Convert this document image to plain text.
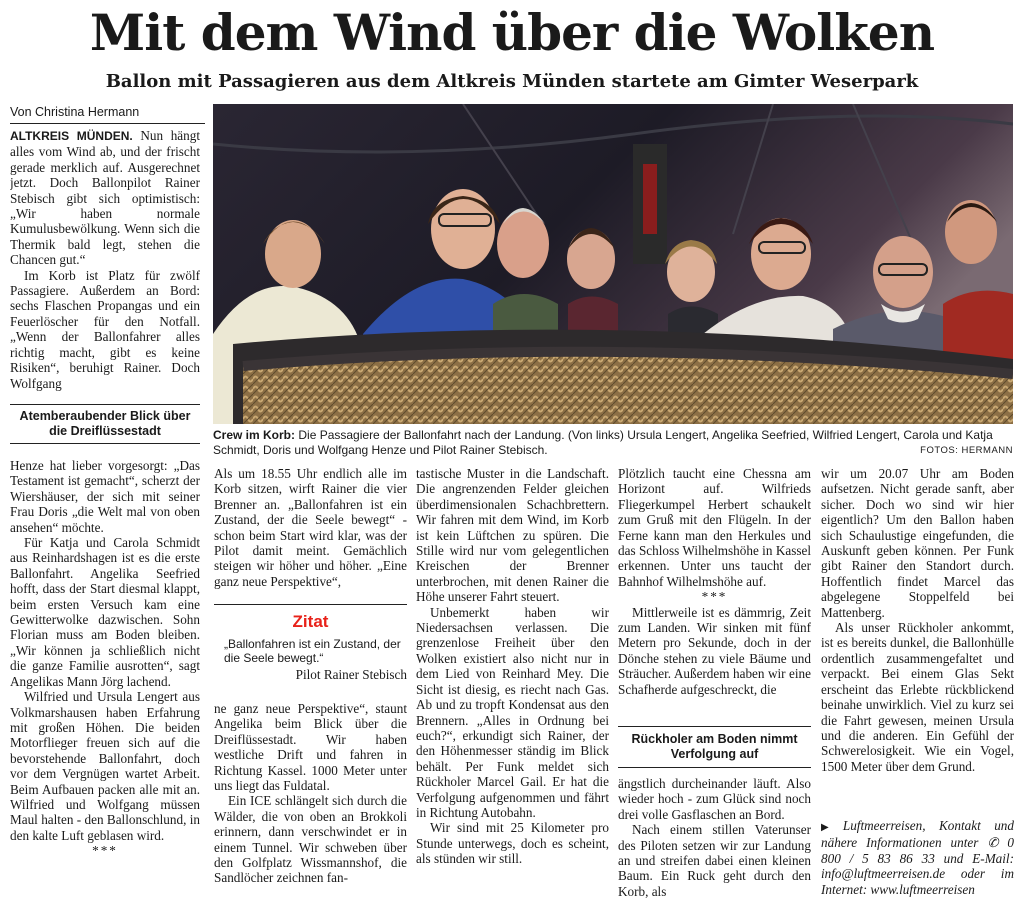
Mit dem Wind über die Wolken
Ballon mit Passagieren aus dem Altkreis Münden startete am Gimter Weserpark
Von Christina Hermann

ALTKREIS MÜNDEN. Nun hängt alles vom Wind ab, und der frischt gerade merklich auf. Ausgerechnet jetzt. Doch Ballonpilot Rainer Stebisch gibt sich optimistisch: „Wir haben normale Kumulusbewölkung. Wenn sich die Thermik bald legt, stehen die Chancen gut.“

Im Korb ist Platz für zwölf Passagiere. Außerdem an Bord: sechs Flaschen Propangas und ein Feuerlöscher für den Notfall. „Wenn der Ballonfahrer alles richtig macht, gibt es keine Risiken“, beruhigt Rainer. Doch Wolfgang

Atemberaubender Blick über die Dreiflüssestadt

Henze hat lieber vorgesorgt: „Das Testament ist gemacht“, scherzt der Wiershäuser, der sich mit seiner Frau Doris „die Welt mal von oben ansehen“ möchte.

Für Katja und Carola Schmidt aus Reinhardshagen ist es die erste Ballonfahrt. Angelika Seefried hofft, dass der Start diesmal klappt, beim ersten Versuch kam eine Gewitterwolke dazwischen. Sohn Florian muss am Boden bleiben. „Wir können ja schließlich nicht die ganze Familie ausrotten“, sagt Angelikas Mann Jörg lachend.

Wilfried und Ursula Lengert aus Volkmarshausen haben Erfahrung mit großen Höhen. Die beiden Motorflieger freuen sich auf die bevorstehende Ballonfahrt, doch vor dem Vergnügen wartet Arbeit. Beim Aufbauen packen alle mit an. Wilfried und Wolfgang müssen Maul halten - den Ballonschlund, in den kalte Luft geblasen wird.

***
Crew im Korb: Die Passagiere der Ballonfahrt nach der Landung. (Von links) Ursula Lengert, Angelika Seefried, Wilfried Lengert, Carola und Katja Schmidt, Doris und Wolfgang Henze und Pilot Rainer Stebisch.	FOTOS: HERMANN

Als um 18.55 Uhr endlich alle im Korb sitzen, wirft Rainer die vier Brenner an. „Ballonfahren ist ein Zustand, der die Seele bewegt“ - schon beim Start wird klar, was der Pilot damit meint. Gemächlich steigen wir höher und höher. „Eine ganz neue Perspektive“,

Zitat
„Ballonfahren ist ein Zustand, der die Seele bewegt.“
Pilot Rainer Stebisch

ne ganz neue Perspektive“, staunt Angelika beim Blick über die Dreiflüssestadt. Wir haben westliche Drift und fahren in Richtung Kassel. 1000 Meter unter uns liegt das Fuldatal.

Ein ICE schlängelt sich durch die Wälder, die von oben an Brokkoli erinnern, dann verschwindet er in einem Tunnel. Wir schweben über den Golfplatz Wissmannshof, die Sandlöcher zeichnen fan-

tastische Muster in die Landschaft. Die angrenzenden Felder gleichen überdimensionalen Schachbrettern. Wir fahren mit dem Wind, im Korb ist kein Lüftchen zu spüren. Die Stille wird nur vom gelegentlichen Kreischen der Brenner unterbrochen, mit denen Rainer die Höhe unserer Fahrt steuert.

Unbemerkt haben wir Niedersachsen verlassen. Die grenzenlose Freiheit über den Wolken existiert also nicht nur in dem Lied von Reinhard Mey. Die Sicht ist diesig, es riecht nach Gas. Ab und zu tropft Kondensat aus den Brennern. „Alles in Ordnung bei euch?“, erkundigt sich Rainer, der den Höhenmesser ständig im Blick behält. Per Funk meldet sich Rückholer Marcel Gail. Er hat die Verfolgung aufgenommen und fährt in Richtung Autobahn.

Wir sind mit 25 Kilometer pro Stunde unterwegs, doch es scheint, als stünden wir still.

Plötzlich taucht eine Chessna am Horizont auf. Wilfrieds Fliegerkumpel Herbert schaukelt zum Gruß mit den Flügeln. In der Ferne kann man den Herkules und das Schloss Wilhelmshöhe in Kassel erkennen. Unter uns taucht der Bahnhof Wilhelmshöhe auf.

***

Mittlerweile ist es dämmrig, Zeit zum Landen. Wir sinken mit fünf Metern pro Sekunde, doch in der Dönche stehen zu viele Bäume und Sträucher. Außerdem haben wir eine Schafherde aufgeschreckt, die

Rückholer am Boden nimmt Verfolgung auf

ängstlich durcheinander läuft. Also wieder hoch - zum Glück sind noch drei volle Gasflaschen an Bord.

Nach einem stillen Vaterunser des Piloten setzen wir zur Landung an und streifen dabei einen kleinen Baum. Ein Ruck geht durch den Korb, als

wir um 20.07 Uhr am Boden aufsetzen. Nicht gerade sanft, aber sicher. Doch wo sind wir hier eigentlich? Um den Ballon haben sich Schaulustige eingefunden, die Auskunft geben können. Per Funk gibt Rainer den Standort durch. Hoffentlich findet Marcel das abgelegene Stoppelfeld bei Mattenberg.

Als unser Rückholer ankommt, ist es bereits dunkel, die Ballonhülle ordentlich zusammengefaltet und verpackt. Bei einem Glas Sekt erscheint das Erlebte rückblickend beinahe unwirklich. Viel zu kurz sei die Fahrt gewesen, meinen Ursula und die anderen. Ein Gefühl der Schwerelosigkeit. Wie ein Vogel, 1500 Meter über dem Grund.

▶ Luftmeerreisen, Kontakt und nähere Informationen unter ✆ 0 800 / 5 83 86 33 und E-Mail: info@luftmeerreisen.de oder im Internet: www.luftmeerreisen
